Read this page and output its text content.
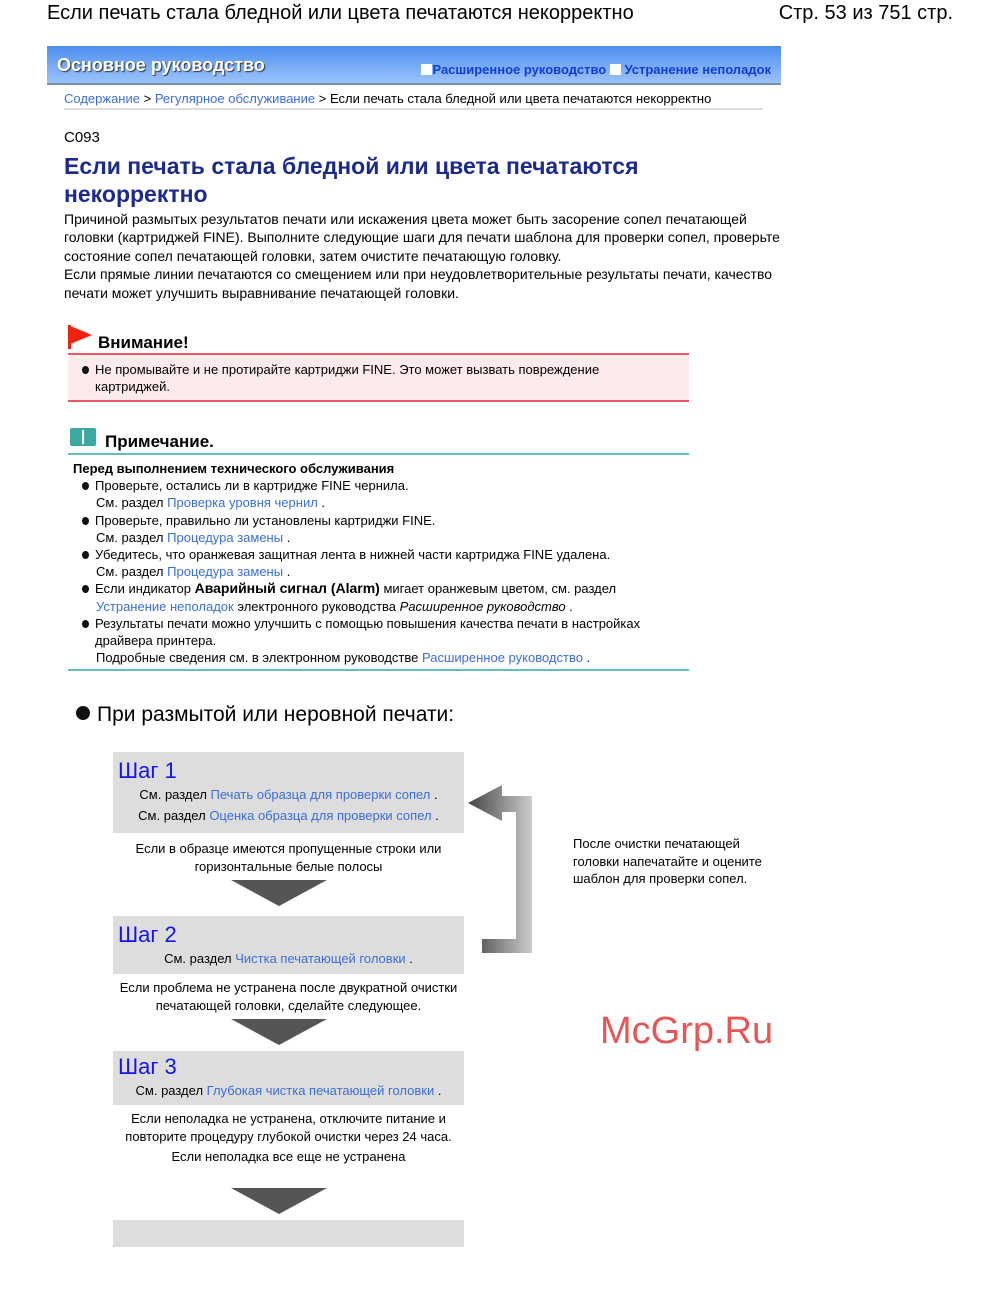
Если печать стала бледной или цвета печатаются некорректно	Стр. 53 из 751 стр.
Основное руководство	Расширенное руководство Устранение неполадок
Содержание > Регулярное обслуживание > Если печать стала бледной или цвета печатаются некорректно
C093
Если печать стала бледной или цвета печатаются некорректно
Причиной размытых результатов печати или искажения цвета может быть засорение сопел печатающей головки (картриджей FINE). Выполните следующие шаги для печати шаблона для проверки сопел, проверьте состояние сопел печатающей головки, затем очистите печатающую головку.
Если прямые линии печатаются со смещением или при неудовлетворительные результаты печати, качество печати может улучшить выравнивание печатающей головки.
Внимание!
Не промывайте и не протирайте картриджи FINE. Это может вызвать повреждение картриджей.
Примечание.
Перед выполнением технического обслуживания
Проверьте, остались ли в картридже FINE чернила.
См. раздел Проверка уровня чернил .
Проверьте, правильно ли установлены картриджи FINE.
См. раздел Процедура замены .
Убедитесь, что оранжевая защитная лента в нижней части картриджа FINE удалена.
См. раздел Процедура замены .
Если индикатор Аварийный сигнал (Alarm) мигает оранжевым цветом, см. раздел
Устранение неполадок электронного руководства Расширенное руководство .
Результаты печати можно улучшить с помощью повышения качества печати в настройках драйвера принтера.
Подробные сведения см. в электронном руководстве Расширенное руководство .
При размытой или неровной печати:
Шаг 1
См. раздел Печать образца для проверки сопел .
См. раздел Оценка образца для проверки сопел .
Если в образце имеются пропущенные строки или горизонтальные белые полосы
Шаг 2
См. раздел Чистка печатающей головки .
Если проблема не устранена после двукратной очистки печатающей головки, сделайте следующее.
Шаг 3
См. раздел Глубокая чистка печатающей головки .
Если неполадка не устранена, отключите питание и повторите процедуру глубокой очистки через 24 часа.
Если неполадка все еще не устранена
После очистки печатающей головки напечатайте и оцените шаблон для проверки сопел.
McGrp.Ru
